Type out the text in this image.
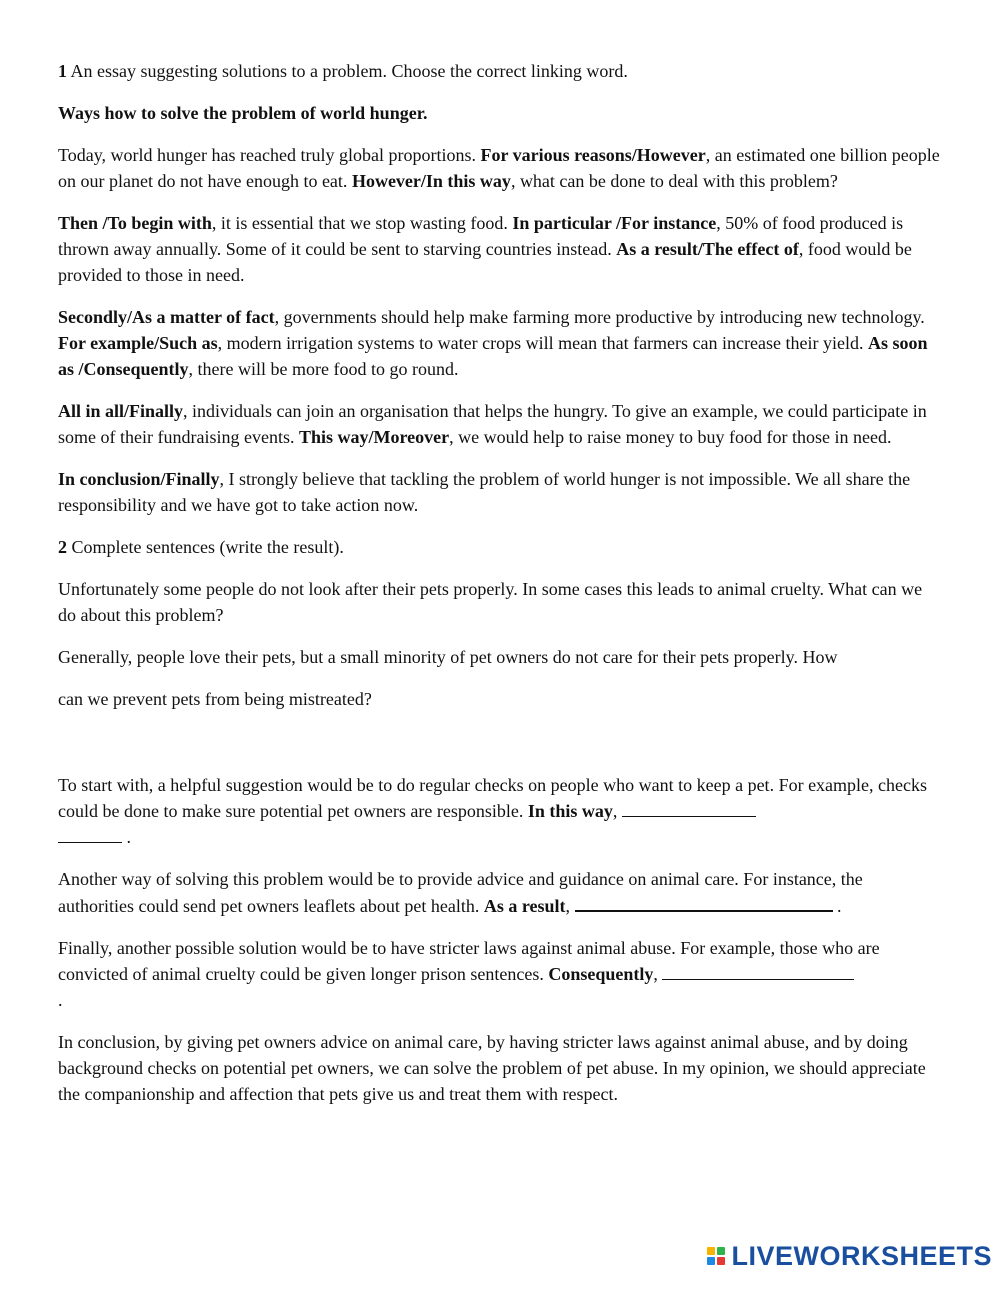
1 An essay suggesting solutions to a problem. Choose the correct linking word.

Ways how to solve the problem of world hunger.

Today, world hunger has reached truly global proportions. For various reasons/However, an estimated one billion people on our planet do not have enough to eat. However/In this way, what can be done to deal with this problem?

Then /To begin with, it is essential that we stop wasting food. In particular /For instance, 50% of food produced is thrown away annually. Some of it could be sent to starving countries instead. As a result/The effect of, food would be provided to those in need.

Secondly/As a matter of fact, governments should help make farming more productive by introducing new technology. For example/Such as, modern irrigation systems to water crops will mean that farmers can increase their yield. As soon as /Consequently, there will be more food to go round.

All in all/Finally, individuals can join an organisation that helps the hungry. To give an example, we could participate in some of their fundraising events. This way/Moreover, we would help to raise money to buy food for those in need.

In conclusion/Finally, I strongly believe that tackling the problem of world hunger is not impossible. We all share the responsibility and we have got to take action now.

2 Complete sentences (write the result).

Unfortunately some people do not look after their pets properly. In some cases this leads to animal cruelty. What can we do about this problem?

Generally, people love their pets, but a small minority of pet owners do not care for their pets properly. How

can we prevent pets from being mistreated?

To start with, a helpful suggestion would be to do regular checks on people who want to keep a pet. For example, checks could be done to make sure potential pet owners are responsible. In this way,
.

Another way of solving this problem would be to provide advice and guidance on animal care. For instance, the authorities could send pet owners leaflets about pet health. As a result,	.

Finally, another possible solution would be to have stricter laws against animal abuse. For example, those who are convicted of animal cruelty could be given longer prison sentences. Consequently,
.

In conclusion, by giving pet owners advice on animal care, by having stricter laws against animal abuse, and by doing background checks on potential pet owners, we can solve the problem of pet abuse. In my opinion, we should appreciate the companionship and affection that pets give us and treat them with respect.

LIVEWORKSHEETS
